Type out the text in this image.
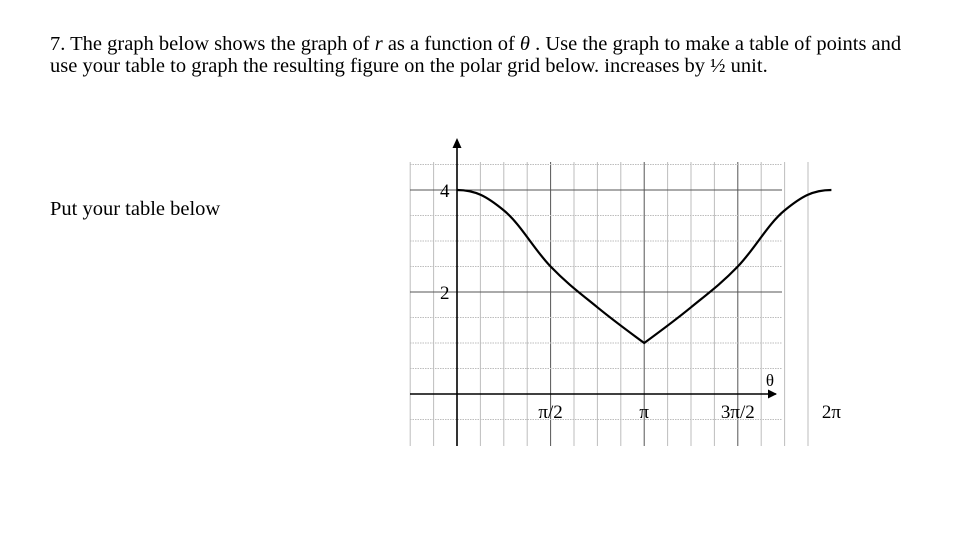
7. The graph below shows the graph of r as a function of θ . Use the graph to make a table of points and use your table to graph the resulting figure on the polar grid below. increases by ½ unit.

Put your table below

2
4
π/2	π	3π/2	2π
θ
